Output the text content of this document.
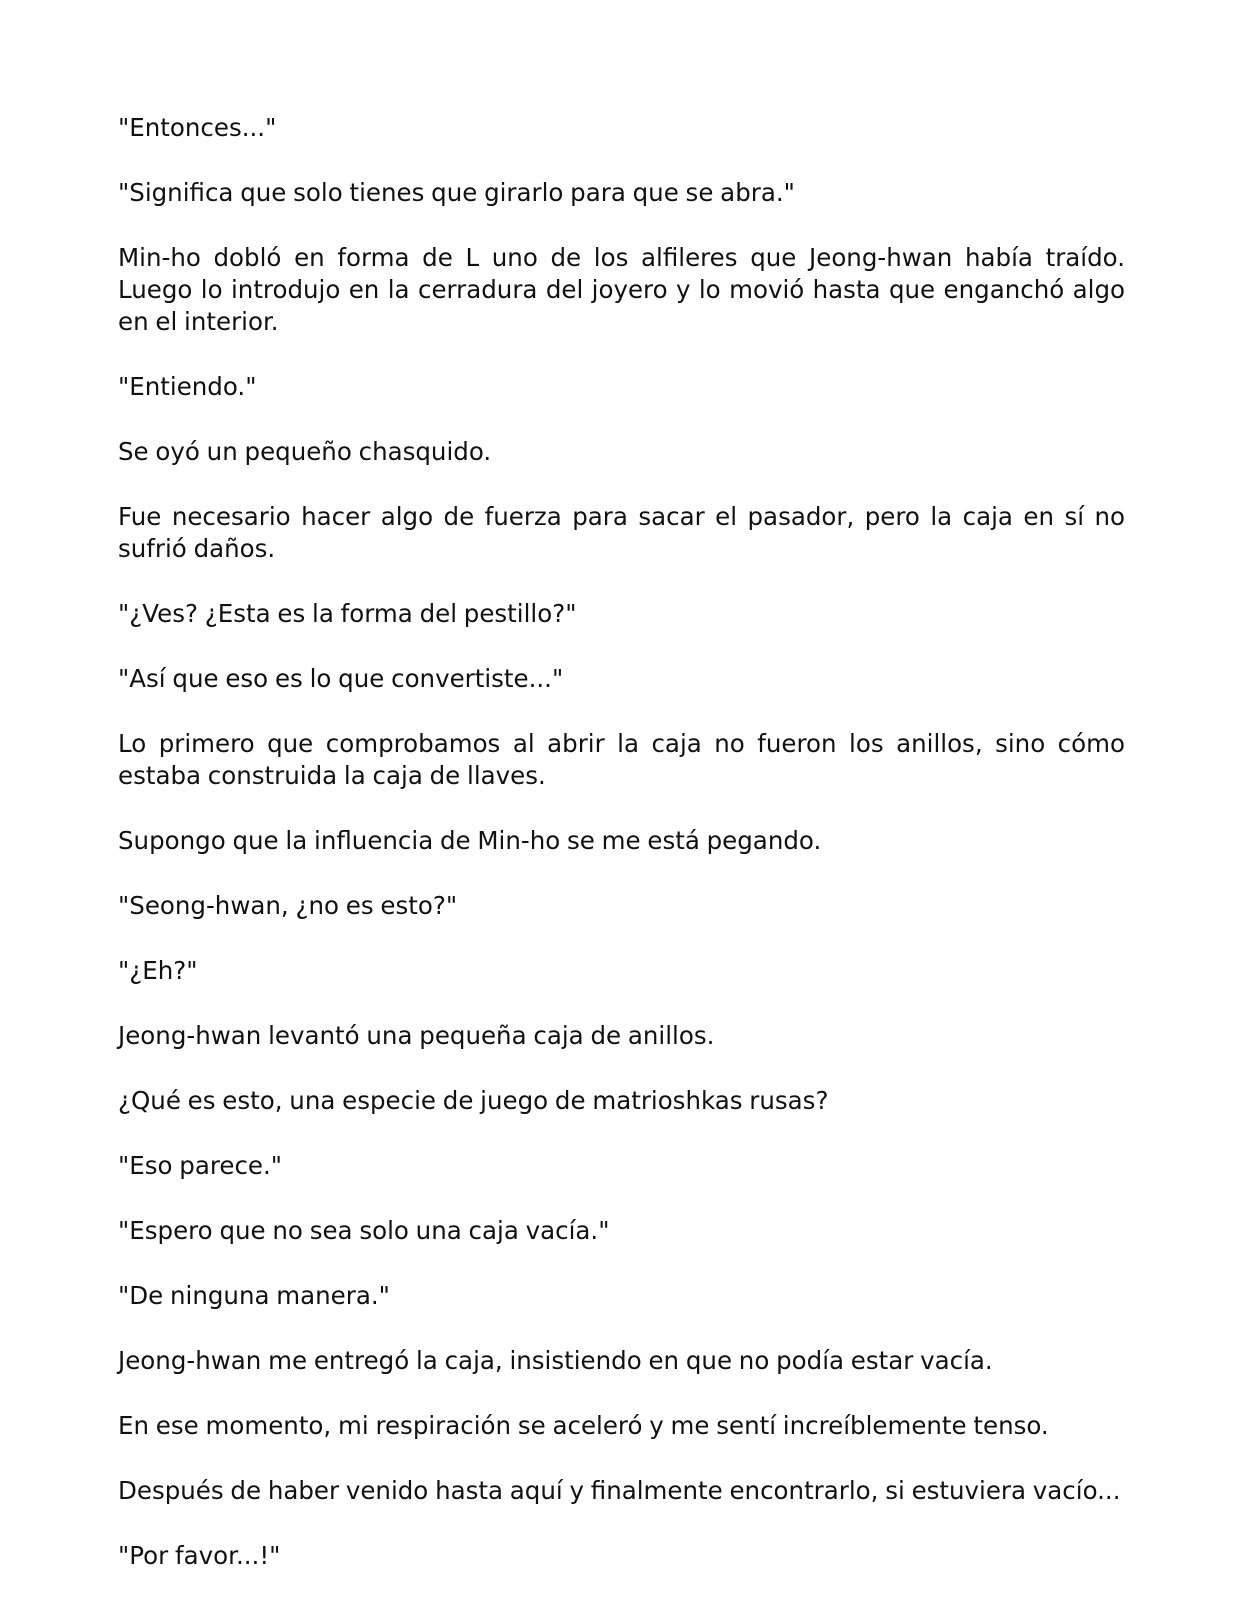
"Entonces..."

"Significa que solo tienes que girarlo para que se abra."

Min-ho dobló en forma de L uno de los alfileres que Jeong-hwan había traído. Luego lo introdujo en la cerradura del joyero y lo movió hasta que enganchó algo en el interior.

"Entiendo."

Se oyó un pequeño chasquido.

Fue necesario hacer algo de fuerza para sacar el pasador, pero la caja en sí no sufrió daños.

"¿Ves? ¿Esta es la forma del pestillo?"

"Así que eso es lo que convertiste..."

Lo primero que comprobamos al abrir la caja no fueron los anillos, sino cómo estaba construida la caja de llaves.

Supongo que la influencia de Min-ho se me está pegando.

"Seong-hwan, ¿no es esto?"

"¿Eh?"

Jeong-hwan levantó una pequeña caja de anillos.

¿Qué es esto, una especie de juego de matrioshkas rusas?

"Eso parece."

"Espero que no sea solo una caja vacía."

"De ninguna manera."

Jeong-hwan me entregó la caja, insistiendo en que no podía estar vacía.

En ese momento, mi respiración se aceleró y me sentí increíblemente tenso.

Después de haber venido hasta aquí y finalmente encontrarlo, si estuviera vacío...

"Por favor...!"
